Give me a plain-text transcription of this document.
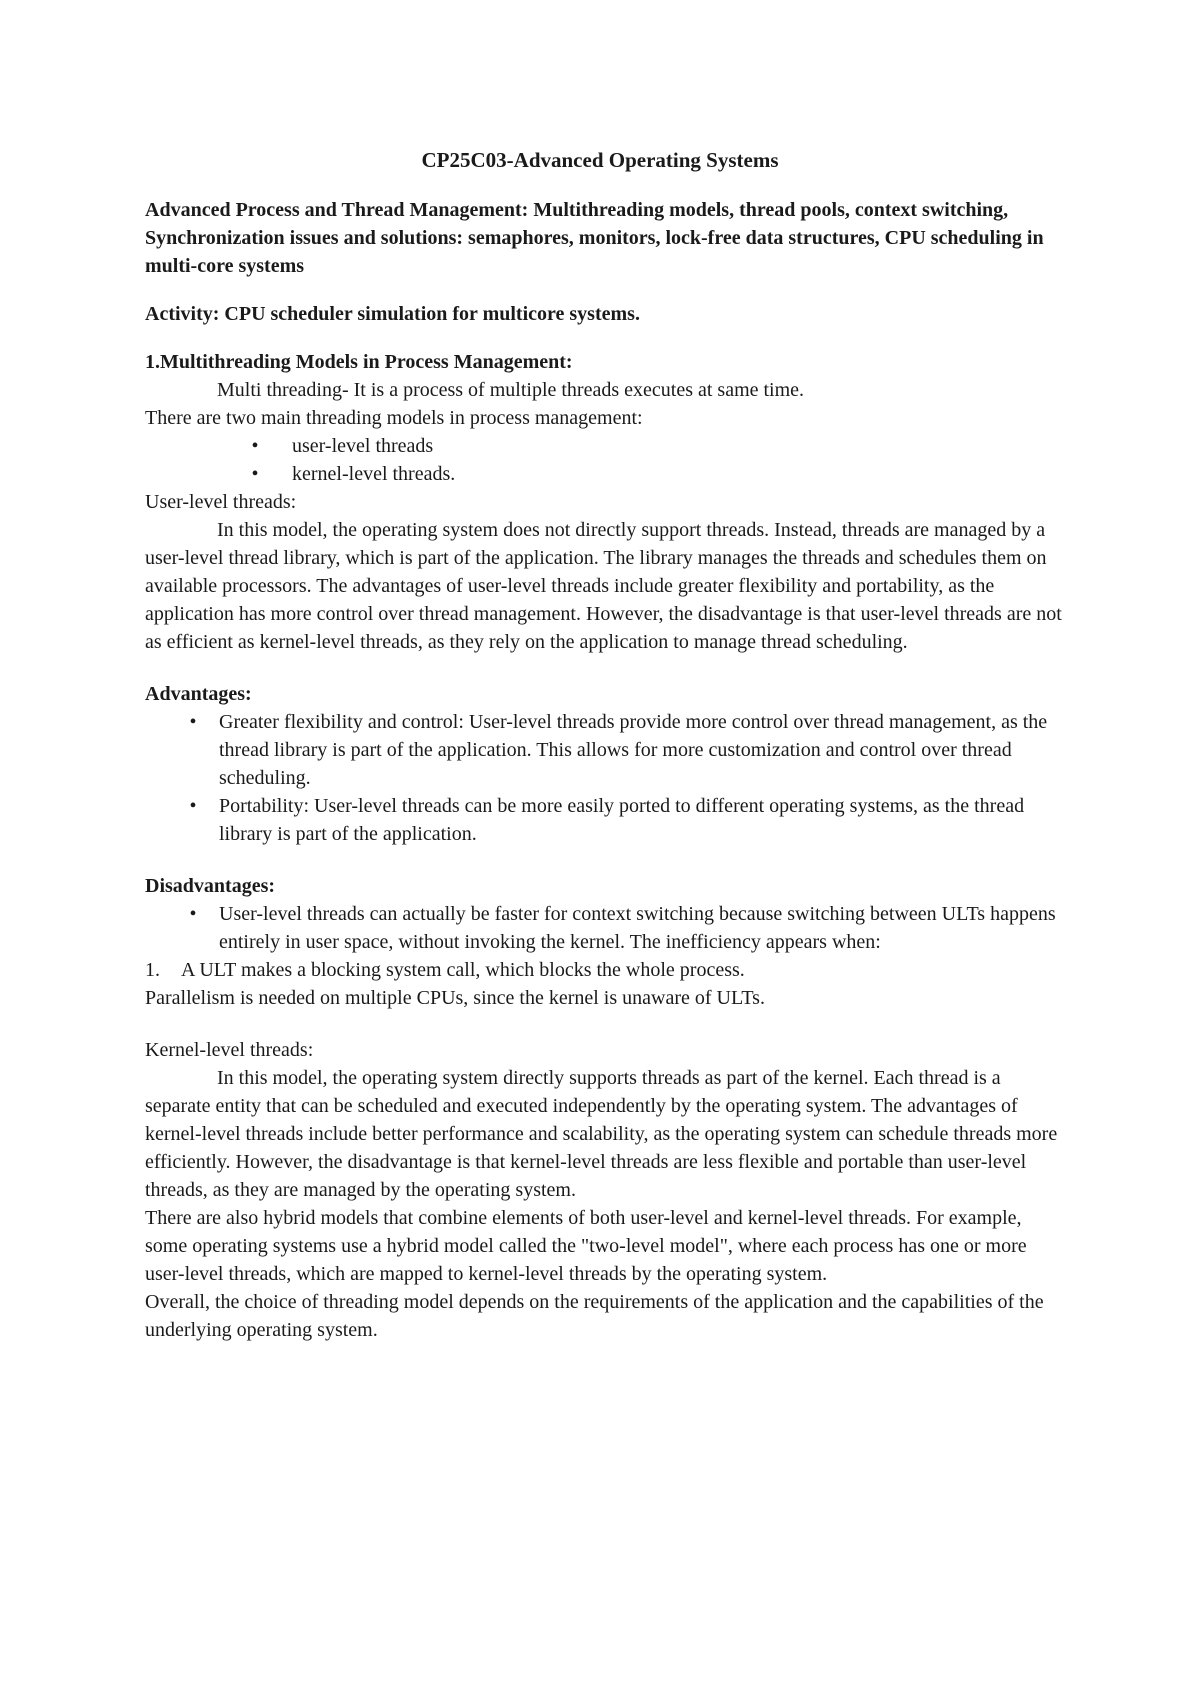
CP25C03-Advanced Operating Systems

Advanced Process and Thread Management: Multithreading models, thread pools, context switching, Synchronization issues and solutions: semaphores, monitors, lock-free data structures, CPU scheduling in multi-core systems

Activity: CPU scheduler simulation for multicore systems.

1.Multithreading Models in Process Management:

Multi threading- It is a process of multiple threads executes at same time.

There are two main threading models in process management:

•	user-level threads
•	kernel-level threads.

User-level threads:

In this model, the operating system does not directly support threads. Instead, threads are managed by a user-level thread library, which is part of the application. The library manages the threads and schedules them on available processors. The advantages of user-level threads include greater flexibility and portability, as the application has more control over thread management. However, the disadvantage is that user-level threads are not as efficient as kernel-level threads, as they rely on the application to manage thread scheduling.

Advantages:

•	Greater flexibility and control: User-level threads provide more control over thread management, as the thread library is part of the application. This allows for more customization and control over thread scheduling.
•	Portability: User-level threads can be more easily ported to different operating systems, as the thread library is part of the application.

Disadvantages:

•	User-level threads can actually be faster for context switching because switching between ULTs happens entirely in user space, without invoking the kernel. The inefficiency appears when:
1. A ULT makes a blocking system call, which blocks the whole process.

Parallelism is needed on multiple CPUs, since the kernel is unaware of ULTs.

Kernel-level threads:

In this model, the operating system directly supports threads as part of the kernel. Each thread is a separate entity that can be scheduled and executed independently by the operating system. The advantages of kernel-level threads include better performance and scalability, as the operating system can schedule threads more efficiently. However, the disadvantage is that kernel-level threads are less flexible and portable than user-level threads, as they are managed by the operating system.

There are also hybrid models that combine elements of both user-level and kernel-level threads. For example, some operating systems use a hybrid model called the "two-level model", where each process has one or more user-level threads, which are mapped to kernel-level threads by the operating system.

Overall, the choice of threading model depends on the requirements of the application and the capabilities of the underlying operating system.
